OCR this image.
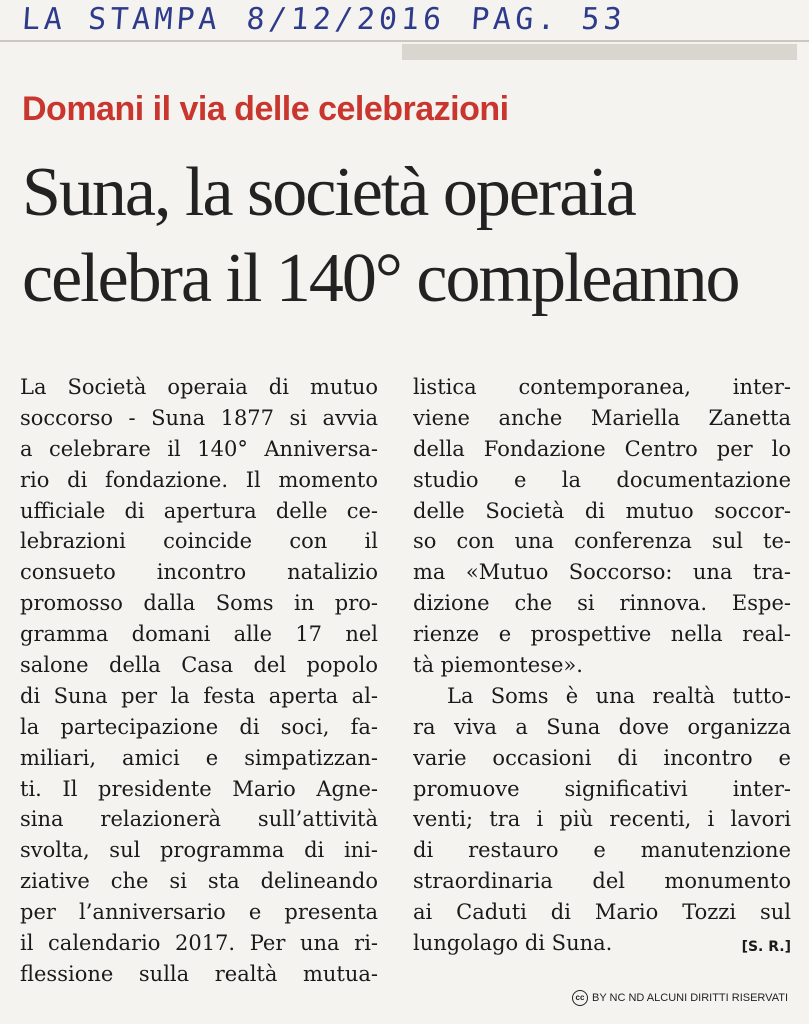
LA STAMPA 8/12/2016 PAG. 53
Domani il via delle celebrazioni
Suna, la società operaia
celebra il 140° compleanno
La Società operaia di mutuo
soccorso - Suna 1877 si avvia
a celebrare il 140° Anniversa-
rio di fondazione. Il momento
ufficiale di apertura delle ce-
lebrazioni coincide con il
consueto incontro natalizio
promosso dalla Soms in pro-
gramma domani alle 17 nel
salone della Casa del popolo
di Suna per la festa aperta al-
la partecipazione di soci, fa-
miliari, amici e simpatizzan-
ti. Il presidente Mario Agne-
sina relazionerà sull’attività
svolta, sul programma di ini-
ziative che si sta delineando
per l’anniversario e presenta
il calendario 2017. Per una ri-
flessione sulla realtà mutua-
listica contemporanea, inter-
viene anche Mariella Zanetta
della Fondazione Centro per lo
studio e la documentazione
delle Società di mutuo soccor-
so con una conferenza sul te-
ma «Mutuo Soccorso: una tra-
dizione che si rinnova. Espe-
rienze e prospettive nella real-
tà piemontese».
La Soms è una realtà tutto-
ra viva a Suna dove organizza
varie occasioni di incontro e
promuove significativi inter-
venti; tra i più recenti, i lavori
di restauro e manutenzione
straordinaria del monumento
ai Caduti di Mario Tozzi sul
lungolago di Suna.	[S. R.]
cc BY NC ND ALCUNI DIRITTI RISERVATI
